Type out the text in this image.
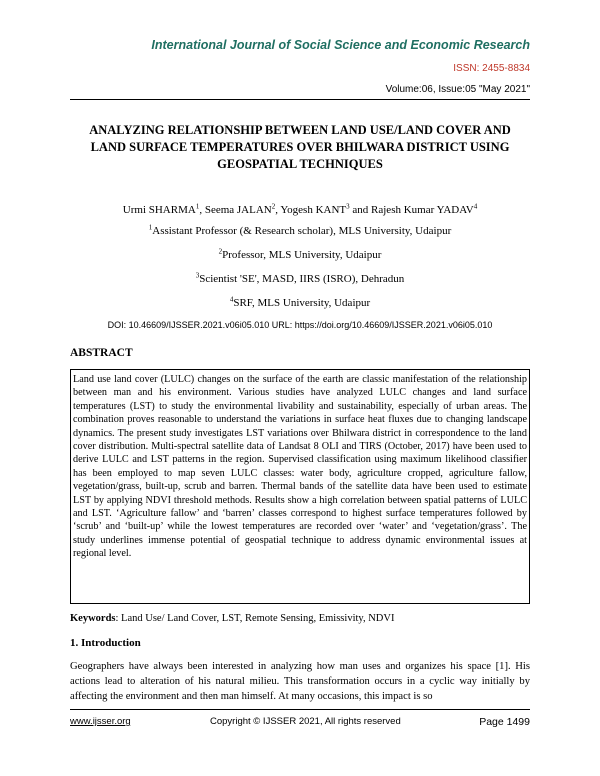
International Journal of Social Science and Economic Research
ISSN: 2455-8834
Volume:06, Issue:05 "May 2021"
ANALYZING RELATIONSHIP BETWEEN LAND USE/LAND COVER AND LAND SURFACE TEMPERATURES OVER BHILWARA DISTRICT USING GEOSPATIAL TECHNIQUES
Urmi SHARMA$^1$, Seema JALAN$^2$, Yogesh KANT$^3$ and Rajesh Kumar YADAV$^4$
$^1$Assistant Professor (& Research scholar), MLS University, Udaipur
$^2$Professor, MLS University, Udaipur
$^3$Scientist 'SE', MASD, IIRS (ISRO), Dehradun
$^4$SRF, MLS University, Udaipur
DOI: 10.46609/IJSSER.2021.v06i05.010 URL: https://doi.org/10.46609/IJSSER.2021.v06i05.010
ABSTRACT

Land use land cover (LULC) changes on the surface of the earth are classic manifestation of the relationship between man and his environment. Various studies have analyzed LULC changes and land surface temperatures (LST) to study the environmental livability and sustainability, especially of urban areas. The combination proves reasonable to understand the variations in surface heat fluxes due to changing landscape dynamics. The present study investigates LST variations over Bhilwara district in correspondence to the land cover distribution. Multi-spectral satellite data of Landsat 8 OLI and TIRS (October, 2017) have been used to derive LULC and LST patterns in the region. Supervised classification using maximum likelihood classifier has been employed to map seven LULC classes: water body, agriculture cropped, agriculture fallow, vegetation/grass, built-up, scrub and barren. Thermal bands of the satellite data have been used to estimate LST by applying NDVI threshold methods. Results show a high correlation between spatial patterns of LULC and LST. ‘Agriculture fallow’ and ‘barren’ classes correspond to highest surface temperatures followed by ‘scrub’ and ‘built-up’ while the lowest temperatures are recorded over ‘water’ and ‘vegetation/grass’. The study underlines immense potential of geospatial technique to address dynamic environmental issues at regional level.

Keywords: Land Use/ Land Cover, LST, Remote Sensing, Emissivity, NDVI
1. Introduction

Geographers have always been interested in analyzing how man uses and organizes his space [1]. His actions lead to alteration of his natural milieu. This transformation occurs in a cyclic way initially by affecting the environment and then man himself. At many occasions, this impact is so

www.ijsser.org	Copyright © IJSSER 2021, All rights reserved	Page 1499
